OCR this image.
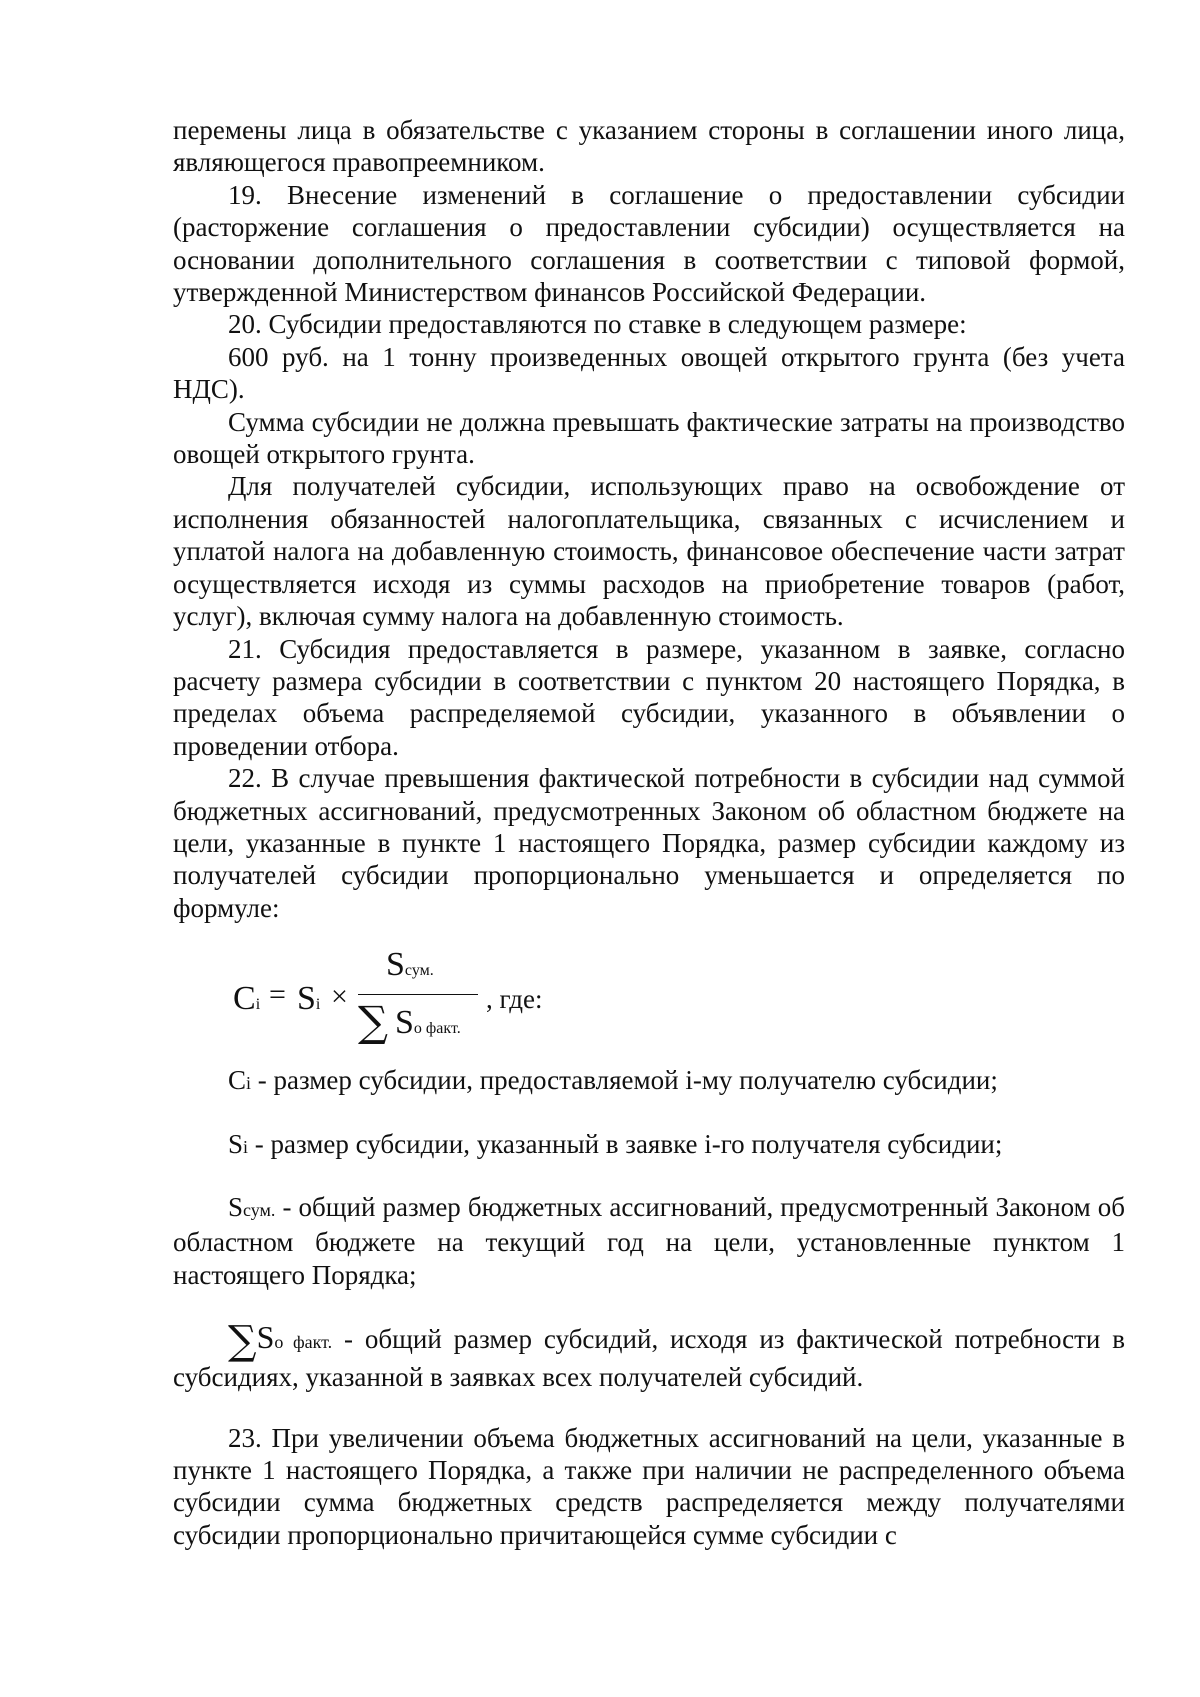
перемены лица в обязательстве с указанием стороны в соглашении иного лица, являющегося правопреемником.

19. Внесение изменений в соглашение о предоставлении субсидии (расторжение соглашения о предоставлении субсидии) осуществляется на основании дополнительного соглашения в соответствии с типовой формой, утвержденной Министерством финансов Российской Федерации.

20. Субсидии предоставляются по ставке в следующем размере:

600 руб. на 1 тонну произведенных овощей открытого грунта (без учета НДС).

Сумма субсидии не должна превышать фактические затраты на производство овощей открытого грунта.

Для получателей субсидии, использующих право на освобождение от исполнения обязанностей налогоплательщика, связанных с исчислением и уплатой налога на добавленную стоимость, финансовое обеспечение части затрат осуществляется исходя из суммы расходов на приобретение товаров (работ, услуг), включая сумму налога на добавленную стоимость.

21. Субсидия предоставляется в размере, указанном в заявке, согласно расчету размера субсидии в соответствии с пунктом 20 настоящего Порядка, в пределах объема распределяемой субсидии, указанного в объявлении о проведении отбора.

22. В случае превышения фактической потребности в субсидии над суммой бюджетных ассигнований, предусмотренных Законом об областном бюджете на цели, указанные в пункте 1 настоящего Порядка, размер субсидии каждому из получателей субсидии пропорционально уменьшается и определяется по формуле:

Ci = Si ×
Sсум.
∑ Sо факт.
, где:

Ci - размер субсидии, предоставляемой i-му получателю субсидии;

Si - размер субсидии, указанный в заявке i-го получателя субсидии;

Sсум. - общий размер бюджетных ассигнований, предусмотренный Законом об областном бюджете на текущий год на цели, установленные пунктом 1 настоящего Порядка;

∑Sо факт. - общий размер субсидий, исходя из фактической потребности в субсидиях, указанной в заявках всех получателей субсидий.

23. При увеличении объема бюджетных ассигнований на цели, указанные в пункте 1 настоящего Порядка, а также при наличии не распределенного объема субсидии сумма бюджетных средств распределяется между получателями субсидии пропорционально причитающейся сумме субсидии с
